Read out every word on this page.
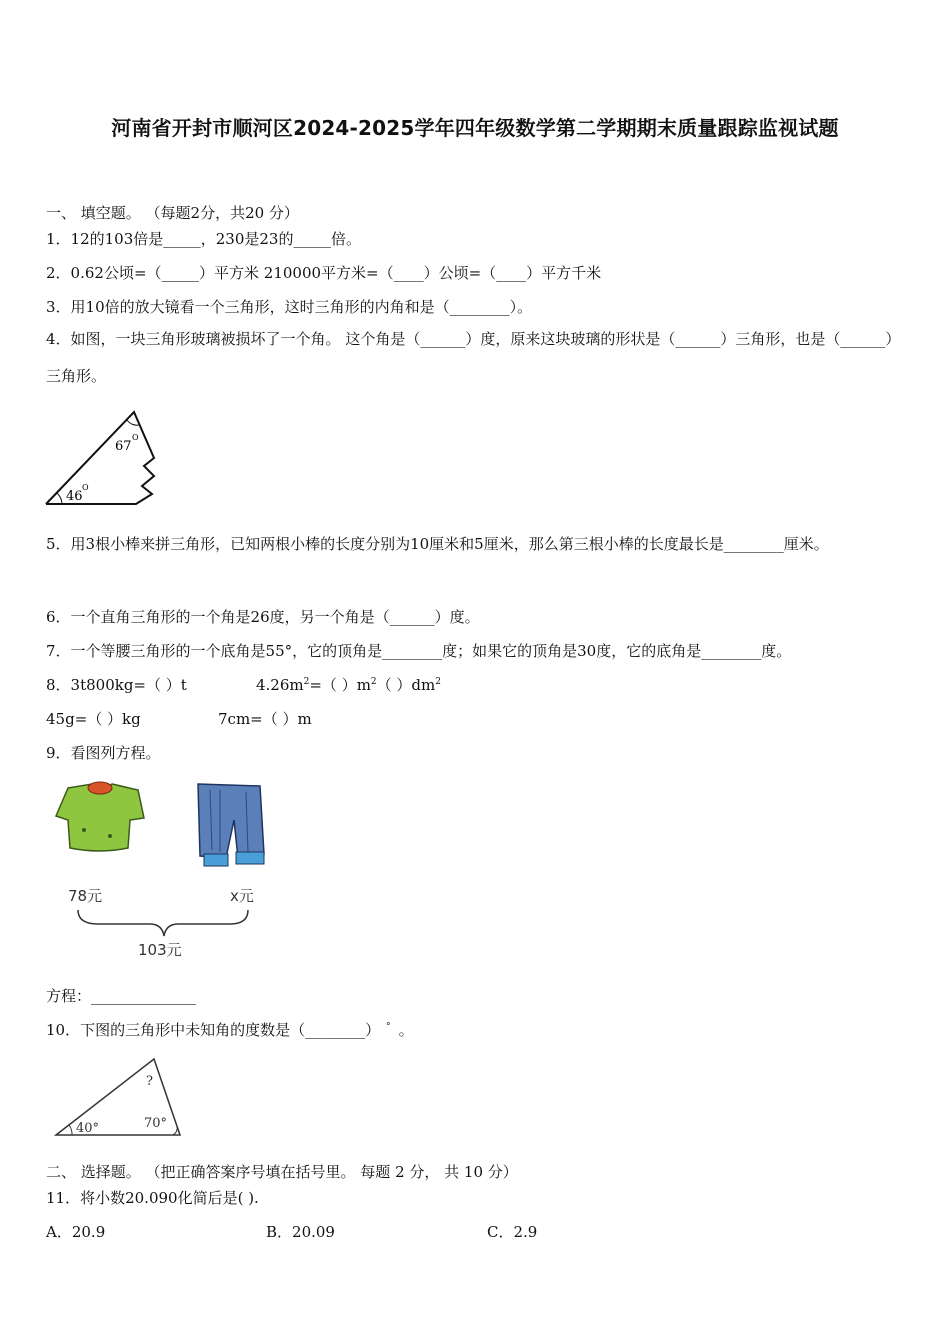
河南省开封市顺河区2024-2025学年四年级数学第二学期期末质量跟踪监视试题
一、 填空题。 （每题2分，共20 分）
1．12的103倍是_____，230是23的_____倍。
2．0.62公顷=（_____）平方米 210000平方米=（____）公顷=（____）平方千米
3．用10倍的放大镜看一个三角形，这时三角形的内角和是（________）。
4．如图，一块三角形玻璃被损坏了一个角。 这个角是（______）度，原来这块玻璃的形状是（______）三角形，也是（______）三角形。
67
O
46
O
5．用3根小棒来拼三角形，已知两根小棒的长度分别为10厘米和5厘米，那么第三根小棒的长度最长是________厘米。
6．一个直角三角形的一个角是26度，另一个角是（______）度。
7．一个等腰三角形的一个底角是55°，它的顶角是________度；如果它的顶角是30度，它的底角是________度。
8．3t800kg=（ ）t	$4.26m^2=$（ ）$m^2$（ ）$dm^2$
45g=（ ）kg	7cm=（ ）m
9．看图列方程。
78元	x元
103元
方程：______________
10．下图的三角形中未知角的度数是（________） ° 。
40°	70°
?
二、 选择题。 （把正确答案序号填在括号里。 每题 2 分， 共 10 分）
11．将小数20.090化简后是( ).
A．20.9	B．20.09	C．2.9
